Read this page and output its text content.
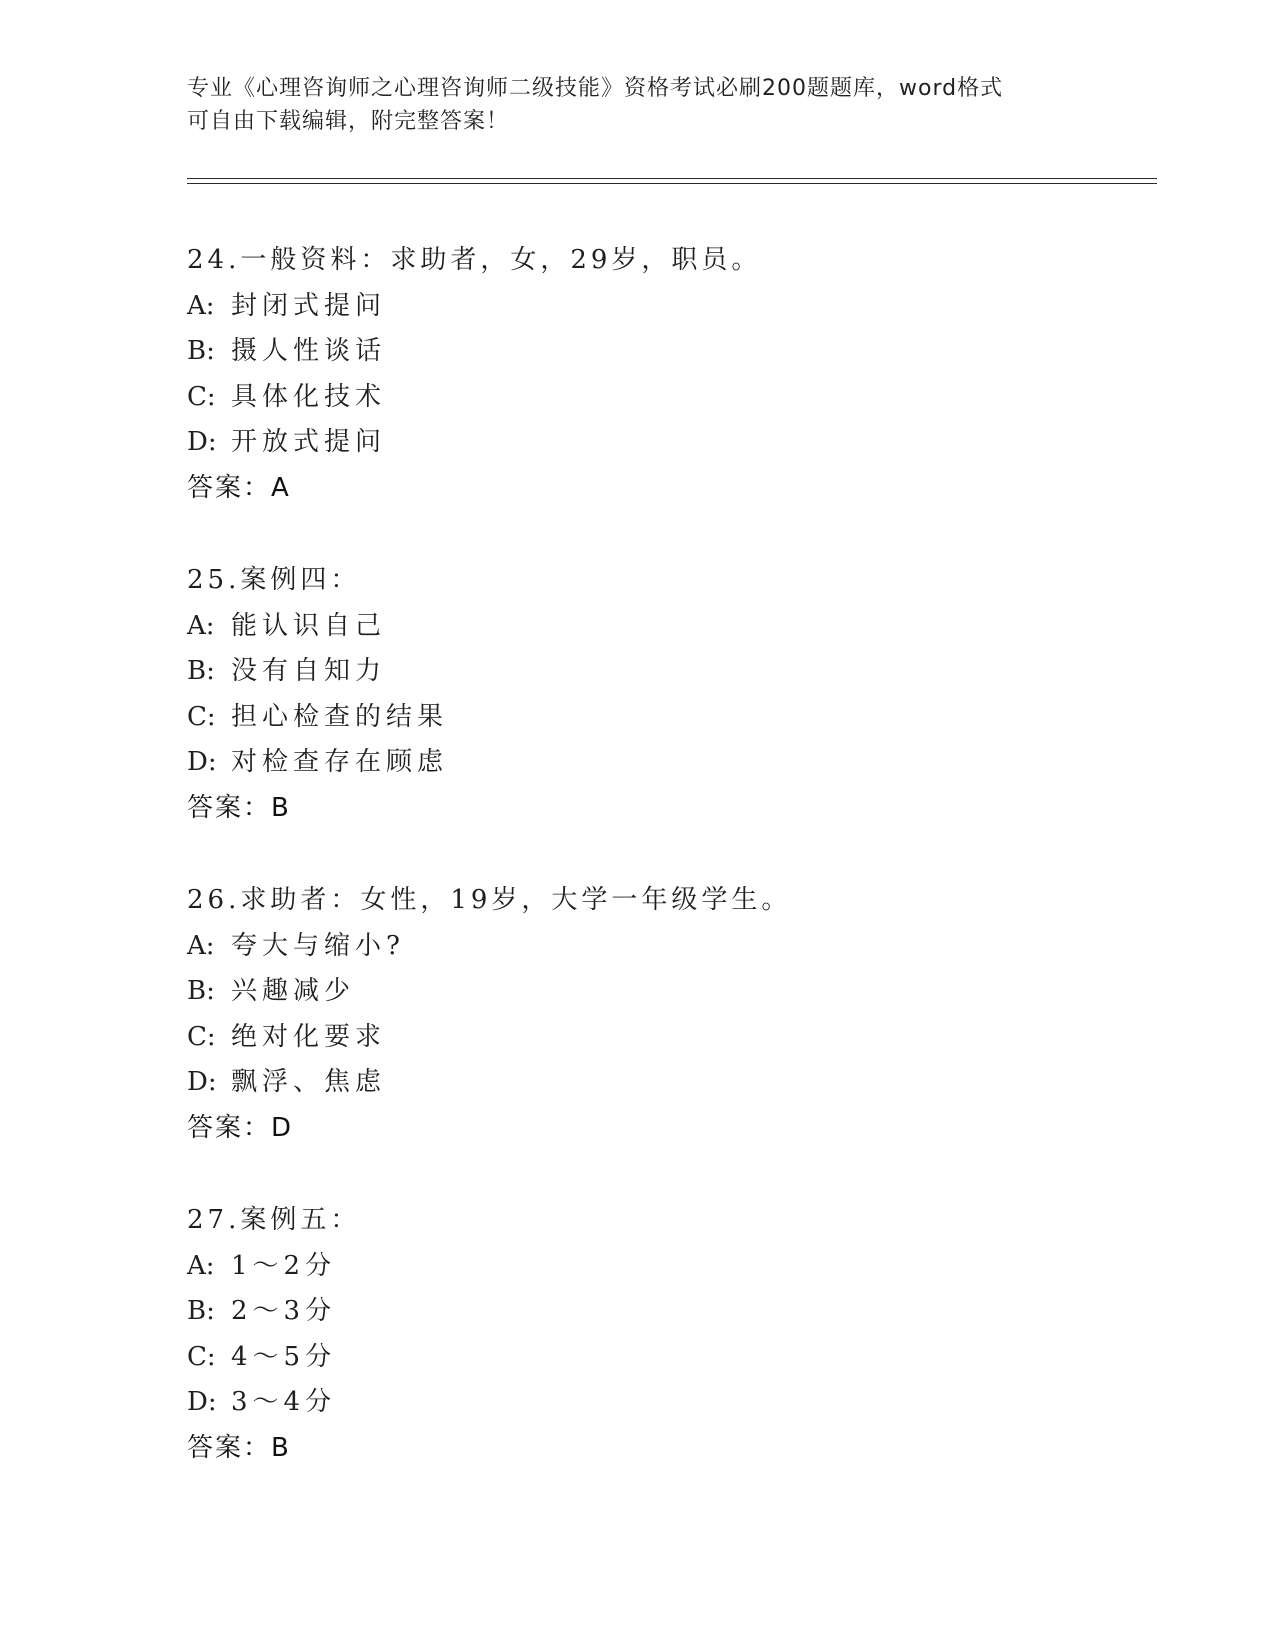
专业《心理咨询师之心理咨询师二级技能》资格考试必刷200题题库，word格式
可自由下载编辑，附完整答案！
24.一般资料：求助者，女，29岁，职员。
A: 封闭式提问
B: 摄人性谈话
C: 具体化技术
D: 开放式提问
答案：A
25.案例四：
A: 能认识自己
B: 没有自知力
C: 担心检查的结果
D: 对检查存在顾虑
答案：B
26.求助者：女性，19岁，大学一年级学生。
A: 夸大与缩小?
B: 兴趣减少
C: 绝对化要求
D: 飘浮、焦虑
答案：D
27.案例五：
A: 1～2分
B: 2～3分
C: 4～5分
D: 3～4分
答案：B
